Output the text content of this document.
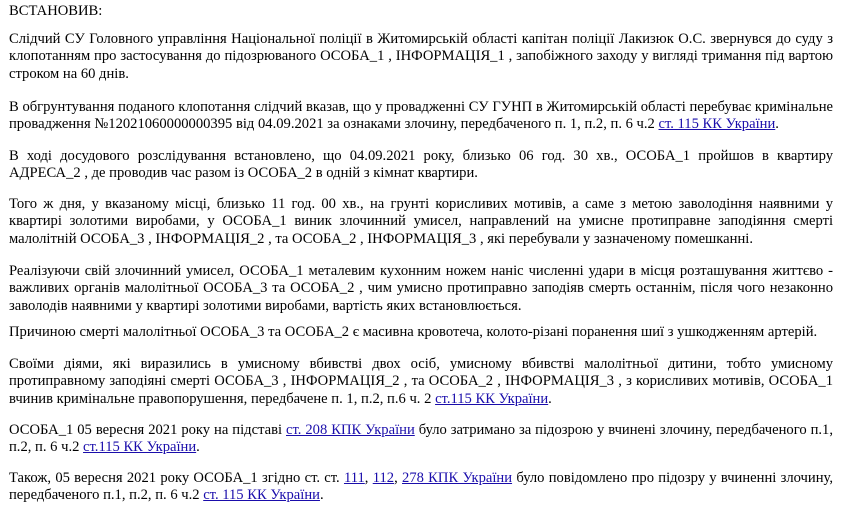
ВСТАНОВИВ:

Слідчий СУ Головного управління Національної поліції в Житомирській області капітан поліції Лакизюк О.С. звернувся до суду з клопотанням про застосування до підозрюваного ОСОБА_1 , ІНФОРМАЦІЯ_1 , запобіжного заходу у вигляді тримання під вартою строком на 60 днів.

В обгрунтування поданого клопотання слідчий вказав, що у провадженні СУ ГУНП в Житомирській області перебуває кримінальне провадження №12021060000000395 від 04.09.2021 за ознаками злочину, передбаченого п. 1, п.2, п. 6 ч.2 ст. 115 КК України.

В ході досудового розслідування встановлено, що 04.09.2021 року, близько 06 год. 30 хв., ОСОБА_1 пройшов в квартиру АДРЕСА_2 , де проводив час разом із ОСОБА_2 в одній з кімнат квартири.

Того ж дня, у вказаному місці, близько 11 год. 00 хв., на грунті корисливих мотивів, а саме з метою заволодіння наявними у квартирі золотими виробами, у ОСОБА_1 виник злочинний умисел, направлений на умисне протиправне заподіяння смерті малолітній ОСОБА_3 , ІНФОРМАЦІЯ_2 , та ОСОБА_2 , ІНФОРМАЦІЯ_3 , які перебували у зазначеному помешканні.

Реалізуючи свій злочинний умисел, ОСОБА_1 металевим кухонним ножем наніс численні удари в місця розташування життєво - важливих органів малолітньої ОСОБА_3 та ОСОБА_2 , чим умисно протиправно заподіяв смерть останнім, після чого незаконно заволодів наявними у квартирі золотими виробами, вартість яких встановлюється.

Причиною смерті малолітньої ОСОБА_3 та ОСОБА_2 є масивна кровотеча, колото-різані поранення шиї з ушкодженням артерій.

Своїми діями, які виразились в умисному вбивстві двох осіб, умисному вбивстві малолітньої дитини, тобто умисному протиправному заподіяні смерті ОСОБА_3 , ІНФОРМАЦІЯ_2 , та ОСОБА_2 , ІНФОРМАЦІЯ_3 , з корисливих мотивів, ОСОБА_1 вчинив кримінальне правопорушення, передбачене п. 1, п.2, п.6 ч. 2 ст.115 КК України.

ОСОБА_1 05 вересня 2021 року на підставі ст. 208 КПК України було затримано за підозрою у вчинені злочину, передбаченого п.1, п.2, п. 6 ч.2 ст.115 КК України.

Також, 05 вересня 2021 року ОСОБА_1 згідно ст. ст. 111, 112, 278 КПК України було повідомлено про підозру у вчиненні злочину, передбаченого п.1, п.2, п. 6 ч.2 ст. 115 КК України.
